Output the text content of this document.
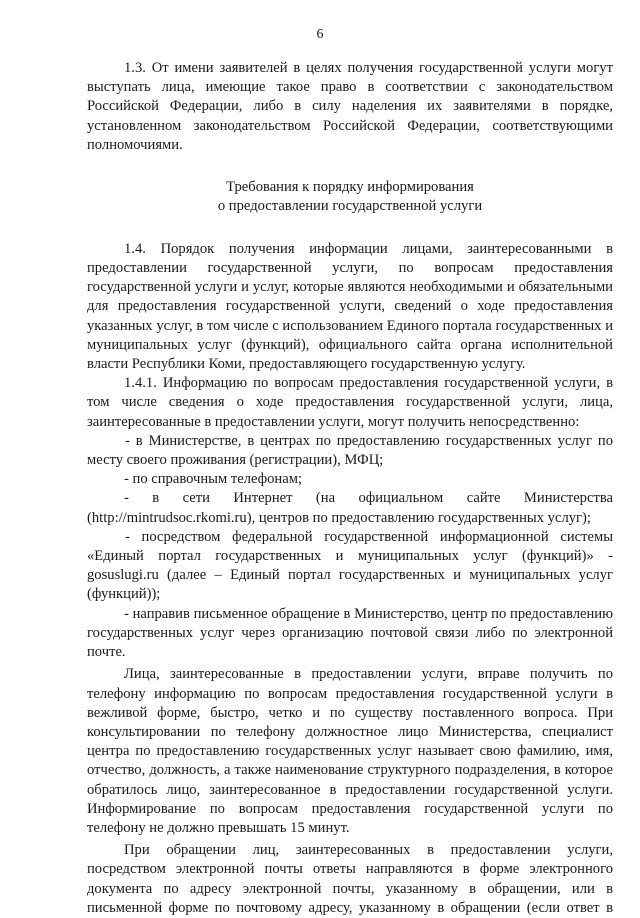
6

1.3. От имени заявителей в целях получения государственной услуги могут выступать лица, имеющие такое право в соответствии с законодательством Российской Федерации, либо в силу наделения их заявителями в порядке, установленном законодательством Российской Федерации, соответствующими полномочиями.

Требования к порядку информирования

о предоставлении государственной услуги

1.4. Порядок получения информации лицами, заинтересованными в предоставлении государственной услуги, по вопросам предоставления государственной услуги и услуг, которые являются необходимыми и обязательными для предоставления государственной услуги, сведений о ходе предоставления указанных услуг, в том числе с использованием Единого портала государственных и муниципальных услуг (функций), официального сайта органа исполнительной власти Республики Коми, предоставляющего государственную услугу.

1.4.1. Информацию по вопросам предоставления государственной услуги, в том числе сведения о ходе предоставления государственной услуги, лица, заинтересованные в предоставлении услуги, могут получить непосредственно:

- в Министерстве, в центрах по предоставлению государственных услуг по месту своего проживания (регистрации), МФЦ;

- по справочным телефонам;

- в сети Интернет (на официальном сайте Министерства (http://mintrudsoc.rkomi.ru), центров по предоставлению государственных услуг);

- посредством федеральной государственной информационной системы «Единый портал государственных и муниципальных услуг (функций)» - gosuslugi.ru (далее – Единый портал государственных и муниципальных услуг (функций));

- направив письменное обращение в Министерство, центр по предоставлению государственных услуг через организацию почтовой связи либо по электронной почте.

Лица, заинтересованные в предоставлении услуги, вправе получить по телефону информацию по вопросам предоставления государственной услуги в вежливой форме, быстро, четко и по существу поставленного вопроса. При консультировании по телефону должностное лицо Министерства, специалист центра по предоставлению государственных услуг называет свою фамилию, имя, отчество, должность, а также наименование структурного подразделения, в которое обратилось лицо, заинтересованное в предоставлении государственной услуги. Информирование по вопросам предоставления государственной услуги по телефону не должно превышать 15 минут.

При обращении лиц, заинтересованных в предоставлении услуги, посредством электронной почты ответы направляются в форме электронного документа по адресу электронной почты, указанному в обращении, или в письменной форме по почтовому адресу, указанному в обращении (если ответ в
